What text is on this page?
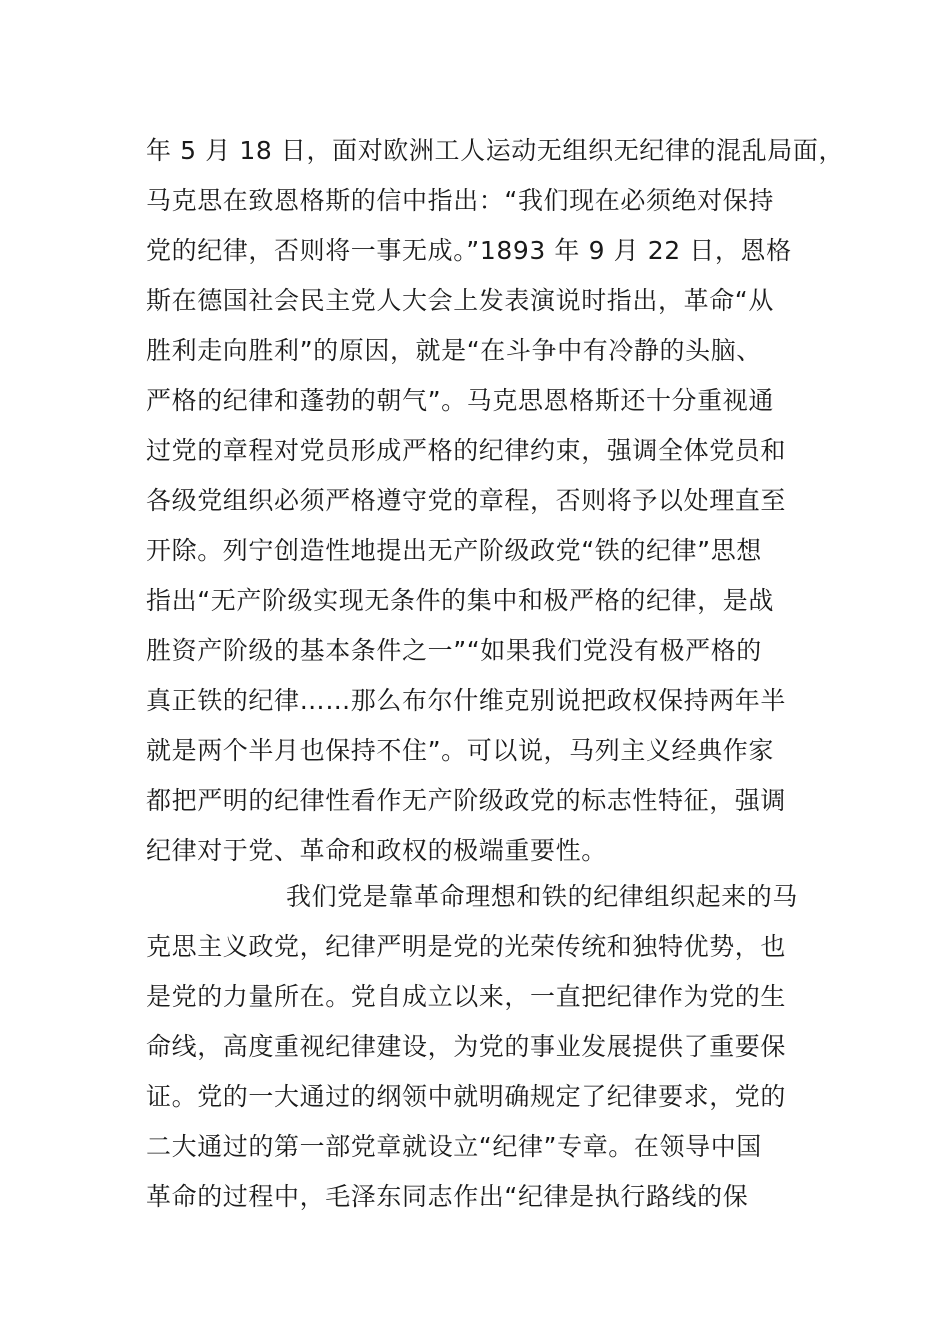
年 5 月 18 日，面对欧洲工人运动无组织无纪律的混乱局面，
马克思在致恩格斯的信中指出：“我们现在必须绝对保持
党的纪律，否则将一事无成。”1893 年 9 月 22 日，恩格
斯在德国社会民主党人大会上发表演说时指出，革命“从
胜利走向胜利”的原因，就是“在斗争中有冷静的头脑、
严格的纪律和蓬勃的朝气”。马克思恩格斯还十分重视通
过党的章程对党员形成严格的纪律约束，强调全体党员和
各级党组织必须严格遵守党的章程，否则将予以处理直至
开除。列宁创造性地提出无产阶级政党“铁的纪律”思想
指出“无产阶级实现无条件的集中和极严格的纪律，是战
胜资产阶级的基本条件之一”“如果我们党没有极严格的
真正铁的纪律……那么布尔什维克别说把政权保持两年半
就是两个半月也保持不住”。可以说，马列主义经典作家
都把严明的纪律性看作无产阶级政党的标志性特征，强调
纪律对于党、革命和政权的极端重要性。
我们党是靠革命理想和铁的纪律组织起来的马
克思主义政党，纪律严明是党的光荣传统和独特优势，也
是党的力量所在。党自成立以来，一直把纪律作为党的生
命线，高度重视纪律建设，为党的事业发展提供了重要保
证。党的一大通过的纲领中就明确规定了纪律要求，党的
二大通过的第一部党章就设立“纪律”专章。在领导中国
革命的过程中，毛泽东同志作出“纪律是执行路线的保
